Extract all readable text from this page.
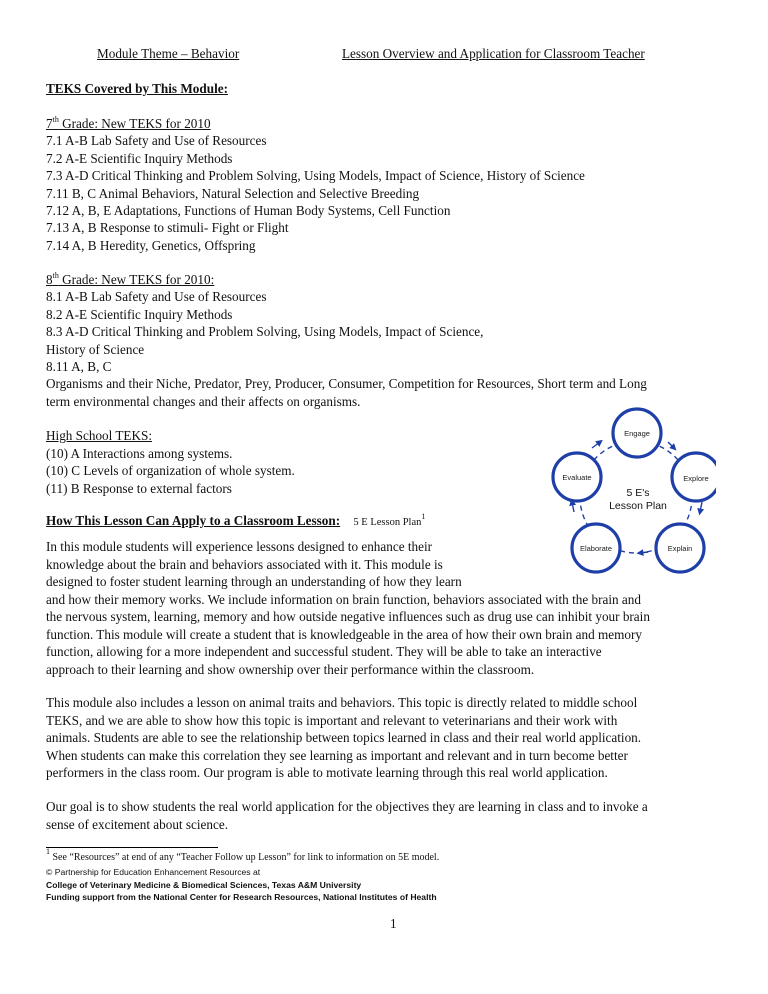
Module Theme – Behavior	Lesson Overview and Application for Classroom Teacher
TEKS Covered by This Module:
7th Grade: New TEKS for 2010
7.1 A-B Lab Safety and Use of Resources
7.2 A-E Scientific Inquiry Methods
7.3 A-D Critical Thinking and Problem Solving, Using Models, Impact of Science, History of Science
7.11 B, C Animal Behaviors, Natural Selection and Selective Breeding
7.12 A, B, E Adaptations, Functions of Human Body Systems, Cell Function
7.13 A, B Response to stimuli- Fight or Flight
7.14 A, B Heredity, Genetics, Offspring
8th Grade: New TEKS for 2010:
8.1 A-B Lab Safety and Use of Resources
8.2 A-E Scientific Inquiry Methods
8.3 A-D Critical Thinking and Problem Solving, Using Models, Impact of Science,
History of Science
8.11 A, B, C
Organisms and their Niche, Predator, Prey, Producer, Consumer, Competition for Resources, Short term and Long
term environmental changes and their affects on organisms.
High School TEKS:
(10) A Interactions among systems.
(10) C Levels of organization of whole system.
(11) B Response to external factors
Engage
Explore
Explain
Elaborate
Evaluate
5 E's
Lesson Plan
How This Lesson Can Apply to a Classroom Lesson: 5 E Lesson Plan$^1$
In this module students will experience lessons designed to enhance their
knowledge about the brain and behaviors associated with it. This module is
designed to foster student learning through an understanding of how they learn
and how their memory works. We include information on brain function, behaviors associated with the brain and
the nervous system, learning, memory and how outside negative influences such as drug use can inhibit your brain
function. This module will create a student that is knowledgeable in the area of how their own brain and memory
function, allowing for a more independent and successful student. They will be able to take an interactive
approach to their learning and show ownership over their performance within the classroom.
This module also includes a lesson on animal traits and behaviors. This topic is directly related to middle school
TEKS, and we are able to show how this topic is important and relevant to veterinarians and their work with
animals. Students are able to see the relationship between topics learned in class and their real world application.
When students can make this correlation they see learning as important and relevant and in turn become better
performers in the class room. Our program is able to motivate learning through this real world application.
Our goal is to show students the real world application for the objectives they are learning in class and to invoke a
sense of excitement about science.
$^1$ See “Resources” at end of any “Teacher Follow up Lesson” for link to information on 5E model.
© Partnership for Education Enhancement Resources at
College of Veterinary Medicine & Biomedical Sciences, Texas A&M University
Funding support from the National Center for Research Resources, National Institutes of Health
1
